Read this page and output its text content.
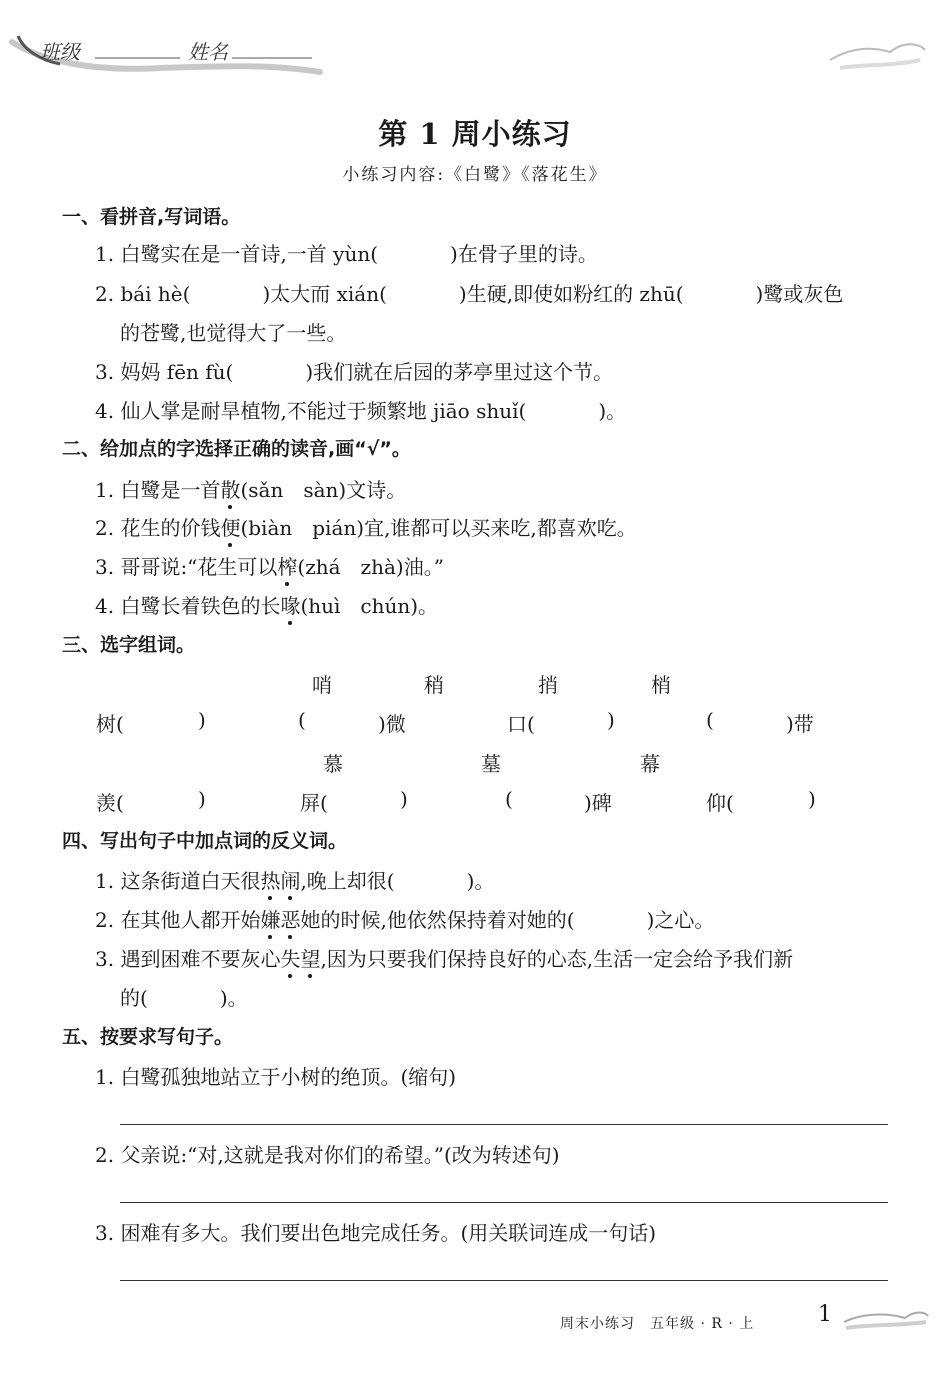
班级	姓名
第 1 周小练习
小练习内容:《白鹭》《落花生》
一、看拼音,写词语。
1. 白鹭实在是一首诗,一首 yùn(	)在骨子里的诗。
2. bái hè(	)太大而 xián(	)生硬,即使如粉红的 zhū(	)鹭或灰色
的苍鹭,也觉得大了一些。
3. 妈妈 fēn fù(	)我们就在后园的茅亭里过这个节。
4. 仙人掌是耐旱植物,不能过于频繁地 jiāo shuǐ(	)。
二、给加点的字选择正确的读音,画“√”。
1. 白鹭是一首散(sǎn　sàn)文诗。
2. 花生的价钱便(biàn　pián)宜,谁都可以买来吃,都喜欢吃。
3. 哥哥说:“花生可以榨(zhá　zhà)油。”
4. 白鹭长着铁色的长喙(huì　chún)。
三、选字组词。
哨	稍	捎	梢
树(	)	(	)微	口(	)	(	)带
慕	墓	幕
羡(	)	屏(	)	(	)碑	仰(	)
四、写出句子中加点词的反义词。
1. 这条街道白天很热闹,晚上却很(	)。
2. 在其他人都开始嫌恶她的时候,他依然保持着对她的(	)之心。
3. 遇到困难不要灰心失望,因为只要我们保持良好的心态,生活一定会给予我们新
的(	)。
五、按要求写句子。
1. 白鹭孤独地站立于小树的绝顶。(缩句)
2. 父亲说:“对,这就是我对你们的希望。”(改为转述句)
3. 困难有多大。我们要出色地完成任务。(用关联词连成一句话)
周末小练习　五年级 · R · 上	1
